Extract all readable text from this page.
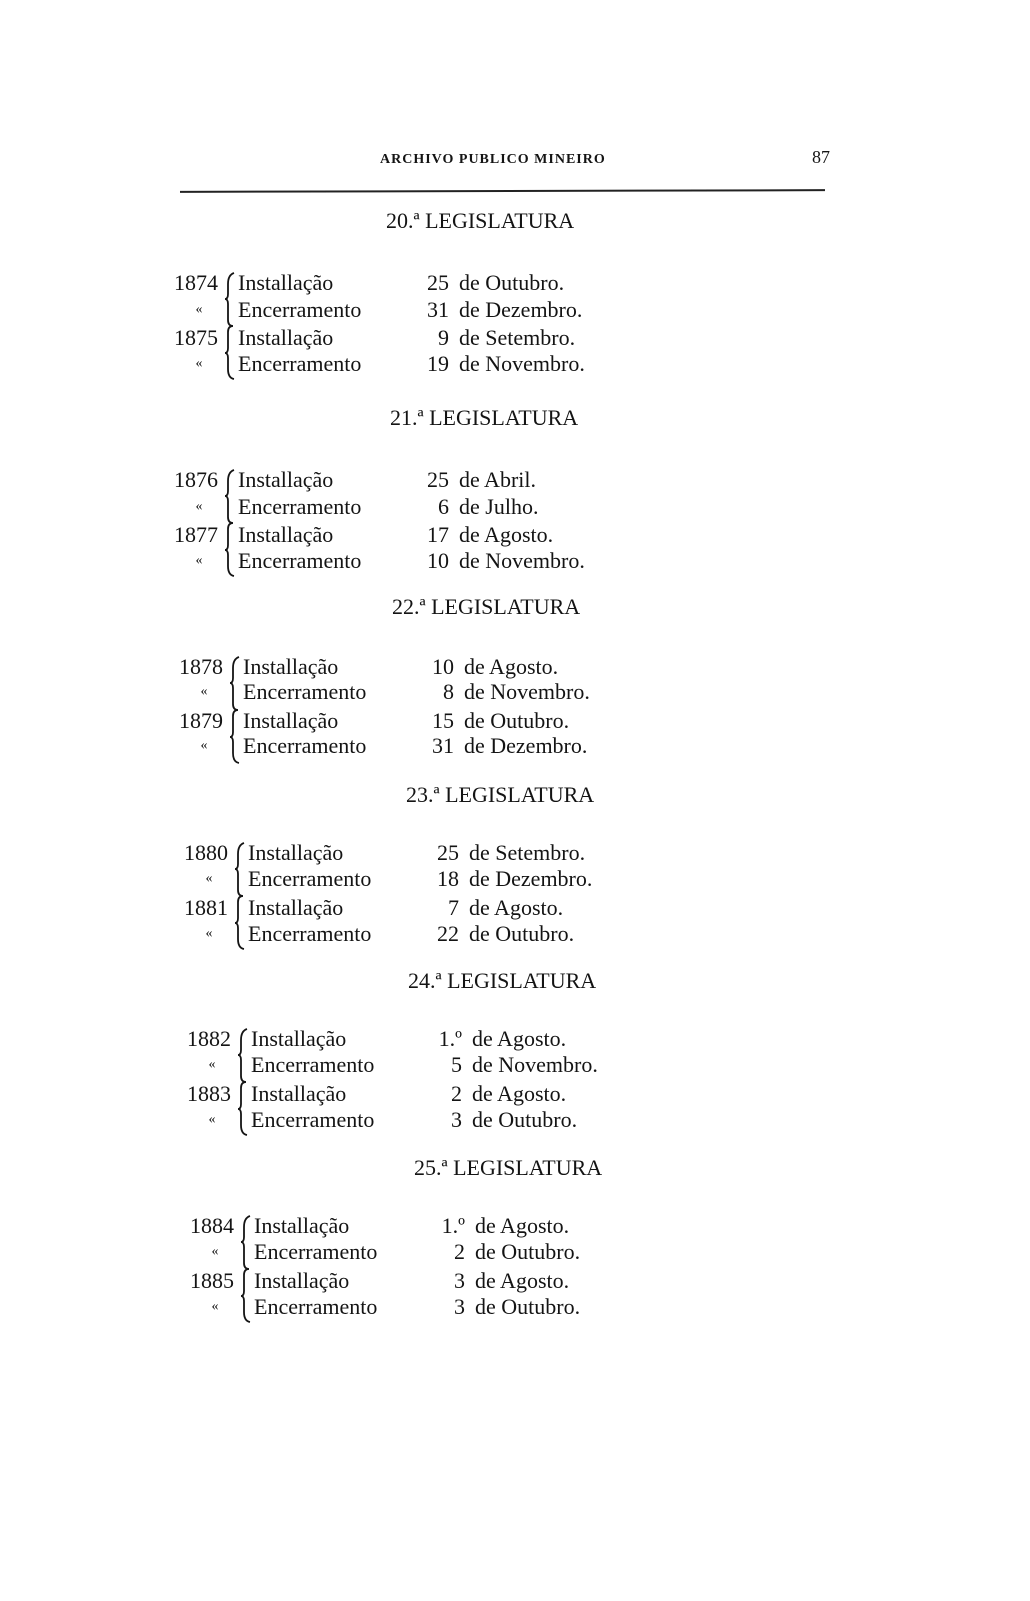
ARCHIVO PUBLICO MINEIRO	87
20.ª LEGISLATURA
1874 Installação	25 de Outubro.
«	Encerramento	31 de Dezembro.
1875 Installação	9 de Setembro.
«	Encerramento	19 de Novembro.
21.ª LEGISLATURA
1876 Installação	25 de Abril.
«	Encerramento	6 de Julho.
1877 Installação	17 de Agosto.
«	Encerramento	10 de Novembro.
22.ª LEGISLATURA
1878 Installação	10 de Agosto.
«	Encerramento	8 de Novembro.
1879 Installação	15 de Outubro.
«	Encerramento	31 de Dezembro.
23.ª LEGISLATURA
1880 Installação	25 de Setembro.
«	Encerramento	18 de Dezembro.
1881 Installação	7 de Agosto.
«	Encerramento	22 de Outubro.
24.ª LEGISLATURA
1882 Installação	1.º de Agosto.
«	Encerramento	5 de Novembro.
1883 Installação	2 de Agosto.
«	Encerramento	3 de Outubro.
25.ª LEGISLATURA
1884 Installação	1.º de Agosto.
«	Encerramento	2 de Outubro.
1885 Installação	3 de Agosto.
«	Encerramento	3 de Outubro.
